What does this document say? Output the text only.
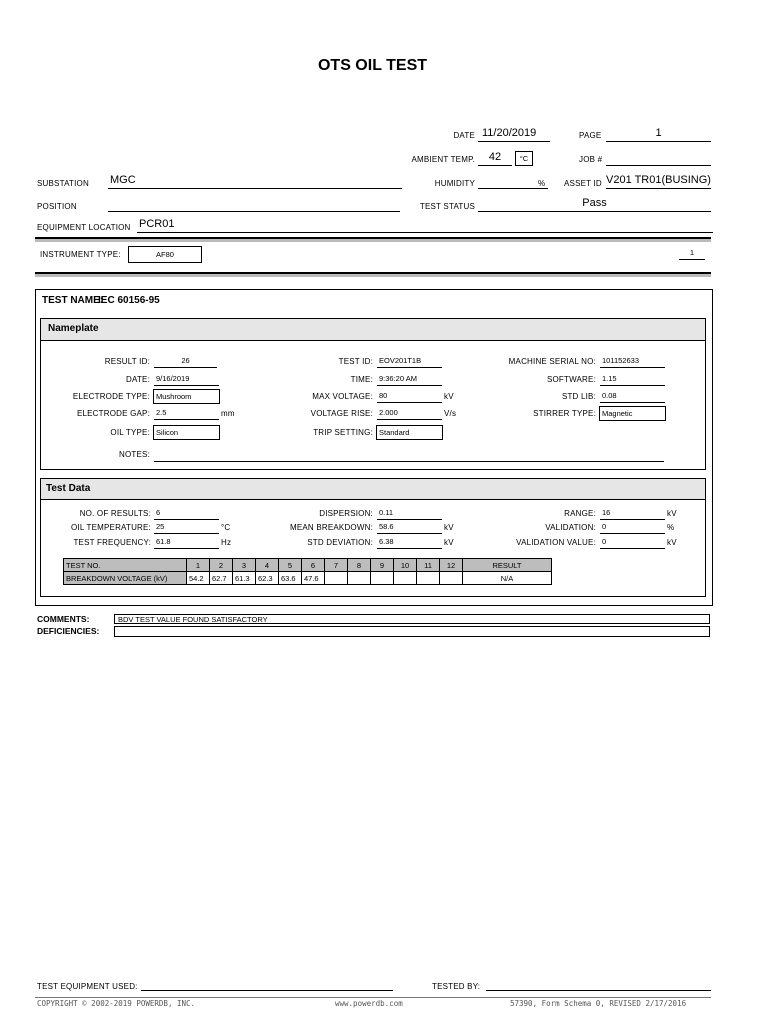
OTS OIL TEST
DATE 11/20/2019	PAGE	1
AMBIENT TEMP.	42	°C	JOB #
SUBSTATION MGC	HUMIDITY	% ASSET ID V201 TR01(BUSING)
POSITION	TEST STATUS	Pass
EQUIPMENT LOCATION PCR01
INSTRUMENT TYPE:	AF80	1
TEST NAME:
IEC 60156-95
Nameplate
RESULT ID:	26
DATE: 9/16/2019
ELECTRODE TYPE: Mushroom
ELECTRODE GAP: 2.5	mm
OIL TYPE: Silicon
NOTES:
TEST ID: EOV201T1B
TIME: 9:36:20 AM
MAX VOLTAGE: 80	kV
VOLTAGE RISE: 2.000	V/s
TRIP SETTING: Standard
MACHINE SERIAL NO: 101152633
SOFTWARE: 1.15
STD LIB: 0.08
STIRRER TYPE: Magnetic
Test Data
NO. OF RESULTS: 6
OIL TEMPERATURE: 25	°C
TEST FREQUENCY: 61.8	Hz
DISPERSION: 0.11
MEAN BREAKDOWN: 58.6	kV
STD DEVIATION: 6.38	kV
RANGE: 16	kV
VALIDATION: 0	%
VALIDATION VALUE: 0	kV
TEST NO.	1	2	3	4	5	6	7	8	9	10	11	12	RESULT
BREAKDOWN VOLTAGE (kV)	54.2	62.7	61.3	62.3	63.6	47.6							N/A
COMMENTS:	BDV TEST VALUE FOUND SATISFACTORY
DEFICIENCIES:
TEST EQUIPMENT USED:	TESTED BY:
COPYRIGHT © 2002-2019 POWERDB, INC.	www.powerdb.com	57390, Form Schema 0, REVISED 2/17/2016
